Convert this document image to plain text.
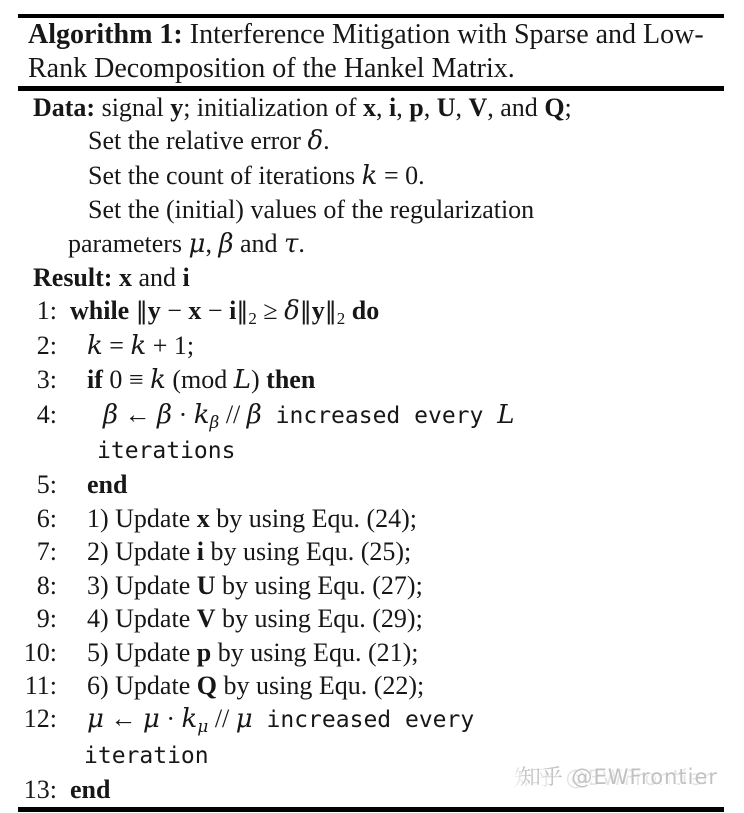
Algorithm 1: Interference Mitigation with Sparse and Low-
Rank Decomposition of the Hankel Matrix.
Data: signal y; initialization of x, i, p, U, V, and Q;
Set the relative error δ.
Set the count of iterations k = 0.
Set the (initial) values of the regularization
parameters μ, β and τ.
Result: x and i
1: while ‖y − $x - i‖_2$ ≥ $\delta‖y‖_2$ do
2:	k = k + 1;
3:	if 0 ≡ k (mod L) then
4:	β ← $\beta \cdot k_\beta // \beta$ increased every L
iterations
5:	end
6:	1) Update x by using Equ. (24);
7:	2) Update i by using Equ. (25);
8:	3) Update U by using Equ. (27);
9:	4) Update V by using Equ. (29);
10:	5) Update p by using Equ. (21);
11:	6) Update Q by using Equ. (22);
12:	μ ← $\mu \cdot k_\mu // \mu$ increased every
iteration
13: end	知乎 @EWFrontier
